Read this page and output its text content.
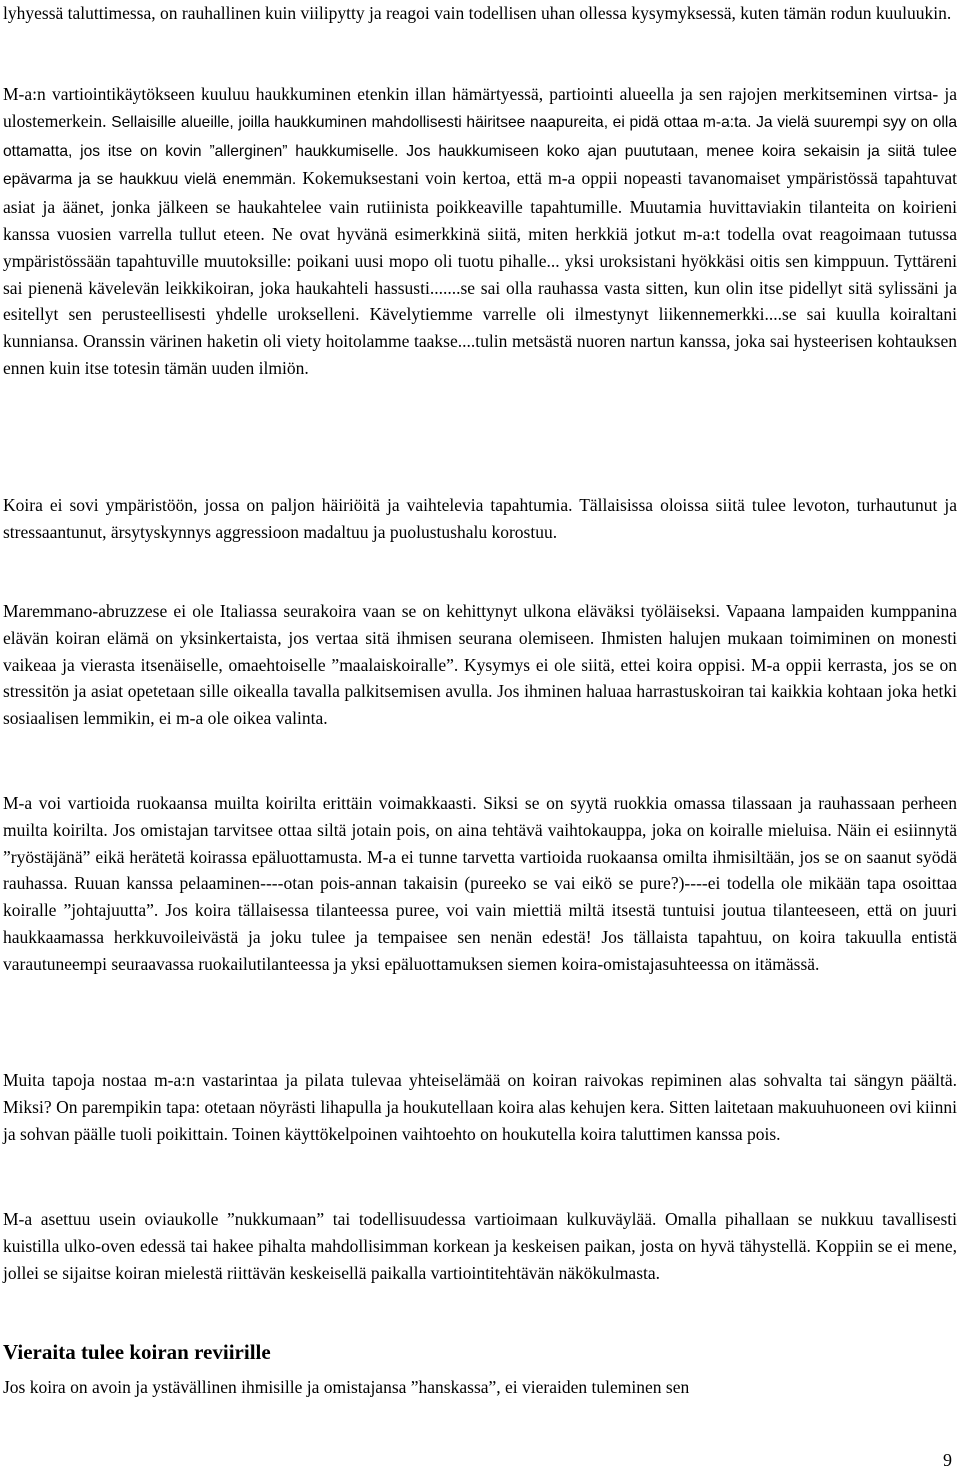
lyhyessä taluttimessa, on rauhallinen kuin viilipytty ja reagoi vain todellisen uhan ollessa kysymyksessä, kuten tämän rodun kuuluukin.

M-a:n vartiointikäytökseen kuuluu haukkuminen etenkin illan hämärtyessä, partiointi alueella ja sen rajojen merkitseminen virtsa- ja ulostemerkein. Sellaisille alueille, joilla haukkuminen mahdollisesti häiritsee naapureita, ei pidä ottaa m-a:ta. Ja vielä suurempi syy on olla ottamatta, jos itse on kovin ”allerginen” haukkumiselle. Jos haukkumiseen koko ajan puututaan, menee koira sekaisin ja siitä tulee epävarma ja se haukkuu vielä enemmän. Kokemuksestani voin kertoa, että m-a oppii nopeasti tavanomaiset ympäristössä tapahtuvat asiat ja äänet, jonka jälkeen se haukahtelee vain rutiinista poikkeaville tapahtumille. Muutamia huvittaviakin tilanteita on koirieni kanssa vuosien varrella tullut eteen. Ne ovat hyvänä esimerkkinä siitä, miten herkkiä jotkut m-a:t todella ovat reagoimaan tutussa ympäristössään tapahtuville muutoksille: poikani uusi mopo oli tuotu pihalle... yksi uroksistani hyökkäsi oitis sen kimppuun. Tyttäreni sai pienenä kävelevän leikkikoiran, joka haukahteli hassusti.......se sai olla rauhassa vasta sitten, kun olin itse pidellyt sitä sylissäni ja esitellyt sen perusteellisesti yhdelle urokselleni. Kävelytiemme varrelle oli ilmestynyt liikennemerkki....se sai kuulla koiraltani kunniansa. Oranssin värinen haketin oli viety hoitolamme taakse....tulin metsästä nuoren nartun kanssa, joka sai hysteerisen kohtauksen ennen kuin itse totesin tämän uuden ilmiön.

Koira ei sovi ympäristöön, jossa on paljon häiriöitä ja vaihtelevia tapahtumia. Tällaisissa oloissa siitä tulee levoton, turhautunut ja stressaantunut, ärsytyskynnys aggressioon madaltuu ja puolustushalu korostuu.

Maremmano-abruzzese ei ole Italiassa seurakoira vaan se on kehittynyt ulkona eläväksi työläiseksi. Vapaana lampaiden kumppanina elävän koiran elämä on yksinkertaista, jos vertaa sitä ihmisen seurana olemiseen. Ihmisten halujen mukaan toimiminen on monesti vaikeaa ja vierasta itsenäiselle, omaehtoiselle ”maalaiskoiralle”. Kysymys ei ole siitä, ettei koira oppisi. M-a oppii kerrasta, jos se on stressitön ja asiat opetetaan sille oikealla tavalla palkitsemisen avulla. Jos ihminen haluaa harrastuskoiran tai kaikkia kohtaan joka hetki sosiaalisen lemmikin, ei m-a ole oikea valinta.

M-a voi vartioida ruokaansa muilta koirilta erittäin voimakkaasti. Siksi se on syytä ruokkia omassa tilassaan ja rauhassaan perheen muilta koirilta. Jos omistajan tarvitsee ottaa siltä jotain pois, on aina tehtävä vaihtokauppa, joka on koiralle mieluisa. Näin ei esiinnytä ”ryöstäjänä” eikä herätetä koirassa epäluottamusta. M-a ei tunne tarvetta vartioida ruokaansa omilta ihmisiltään, jos se on saanut syödä rauhassa. Ruuan kanssa pelaaminen----otan pois-annan takaisin (pureeko se vai eikö se pure?)----ei todella ole mikään tapa osoittaa koiralle ”johtajuutta”. Jos koira tällaisessa tilanteessa puree, voi vain miettiä miltä itsestä tuntuisi joutua tilanteeseen, että on juuri haukkaamassa herkkuvoileivästä ja joku tulee ja tempaisee sen nenän edestä! Jos tällaista tapahtuu, on koira takuulla entistä varautuneempi seuraavassa ruokailutilanteessa ja yksi epäluottamuksen siemen koira-omistajasuhteessa on itämässä.

Muita tapoja nostaa m-a:n vastarintaa ja pilata tulevaa yhteiselämää on koiran raivokas repiminen alas sohvalta tai sängyn päältä. Miksi? On parempikin tapa: otetaan nöyrästi lihapulla ja houkutellaan koira alas kehujen kera. Sitten laitetaan makuuhuoneen ovi kiinni ja sohvan päälle tuoli poikittain. Toinen käyttökelpoinen vaihtoehto on houkutella koira taluttimen kanssa pois.

M-a asettuu usein oviaukolle ”nukkumaan” tai todellisuudessa vartioimaan kulkuväylää. Omalla pihallaan se nukkuu tavallisesti kuistilla ulko-oven edessä tai hakee pihalta mahdollisimman korkean ja keskeisen paikan, josta on hyvä tähystellä. Koppiin se ei mene, jollei se sijaitse koiran mielestä riittävän keskeisellä paikalla vartiointitehtävän näkökulmasta.

Vieraita tulee koiran reviirille

Jos koira on avoin ja ystävällinen ihmisille ja omistajansa ”hanskassa”, ei vieraiden tuleminen sen

9
